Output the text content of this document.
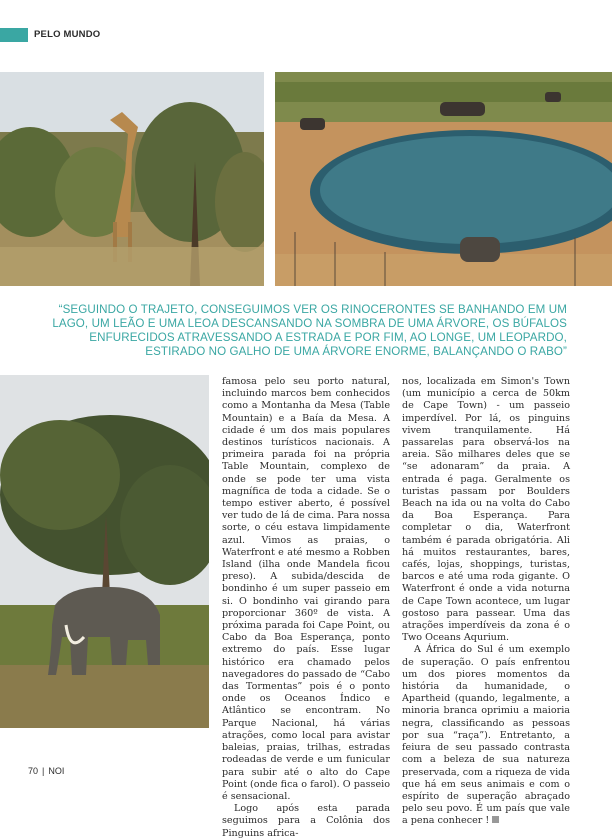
PELO MUNDO
“SEGUINDO O TRAJETO, CONSEGUIMOS VER OS RINOCERONTES SE BANHANDO EM UM LAGO, UM LEÃO E UMA LEOA DESCANSANDO NA SOMBRA DE UMA ÁRVORE, OS BÚFALOS ENFURECIDOS ATRAVESSANDO A ESTRADA E POR FIM, AO LONGE, UM LEOPARDO, ESTIRADO NO GALHO DE UMA ÁRVORE ENORME, BALANÇANDO O RABO”

famosa pelo seu porto natural, incluindo marcos bem conhecidos como a Montanha da Mesa (Table Mountain) e a Baía da Mesa. A cidade é um dos mais populares destinos turísticos nacionais. A primeira parada foi na própria Table Mountain, complexo de onde se pode ter uma vista magnífica de toda a cidade. Se o tempo estiver aberto, é possível ver tudo de lá de cima. Para nossa sorte, o céu estava limpidamente azul. Vimos as praias, o Waterfront e até mesmo a Robben Island (ilha onde Mandela ficou preso). A subida/descida de bondinho é um super passeio em si. O bondinho vai girando para proporcionar 360º de vista. A próxima parada foi Cape Point, ou Cabo da Boa Esperança, ponto extremo do país. Esse lugar histórico era chamado pelos navegadores do passado de “Cabo das Tormentas” pois é o ponto onde os Oceanos Índico e Atlântico se encontram. No Parque Nacional, há várias atrações, como local para avistar baleias, praias, trilhas, estradas rodeadas de verde e um funicular para subir até o alto do Cape Point (onde fica o farol). O passeio é sensacional.

Logo após esta parada seguimos para a Colônia dos Pinguins africa-

nos, localizada em Simon's Town (um município a cerca de 50km de Cape Town) - um passeio imperdível. Por lá, os pinguins vivem tranquilamente. Há passarelas para observá-los na areia. São milhares deles que se “se adonaram” da praia. A entrada é paga. Geralmente os turistas passam por Boulders Beach na ida ou na volta do Cabo da Boa Esperança. Para completar o dia, Waterfront também é parada obrigatória. Ali há muitos restaurantes, bares, cafés, lojas, shoppings, turistas, barcos e até uma roda gigante. O Waterfront é onde a vida noturna de Cape Town acontece, um lugar gostoso para passear. Uma das atrações imperdíveis da zona é o Two Oceans Aqurium.

A África do Sul é um exemplo de superação. O país enfrentou um dos piores momentos da história da humanidade, o Apartheid (quando, legalmente, a minoria branca oprimiu a maioria negra, classificando as pessoas por sua “raça”). Entretanto, a feiura de seu passado contrasta com a beleza de sua natureza preservada, com a riqueza de vida que há em seus animais e com o espírito de superação abraçado pelo seu povo. É um país que vale a pena conhecer !

70 | NOI
